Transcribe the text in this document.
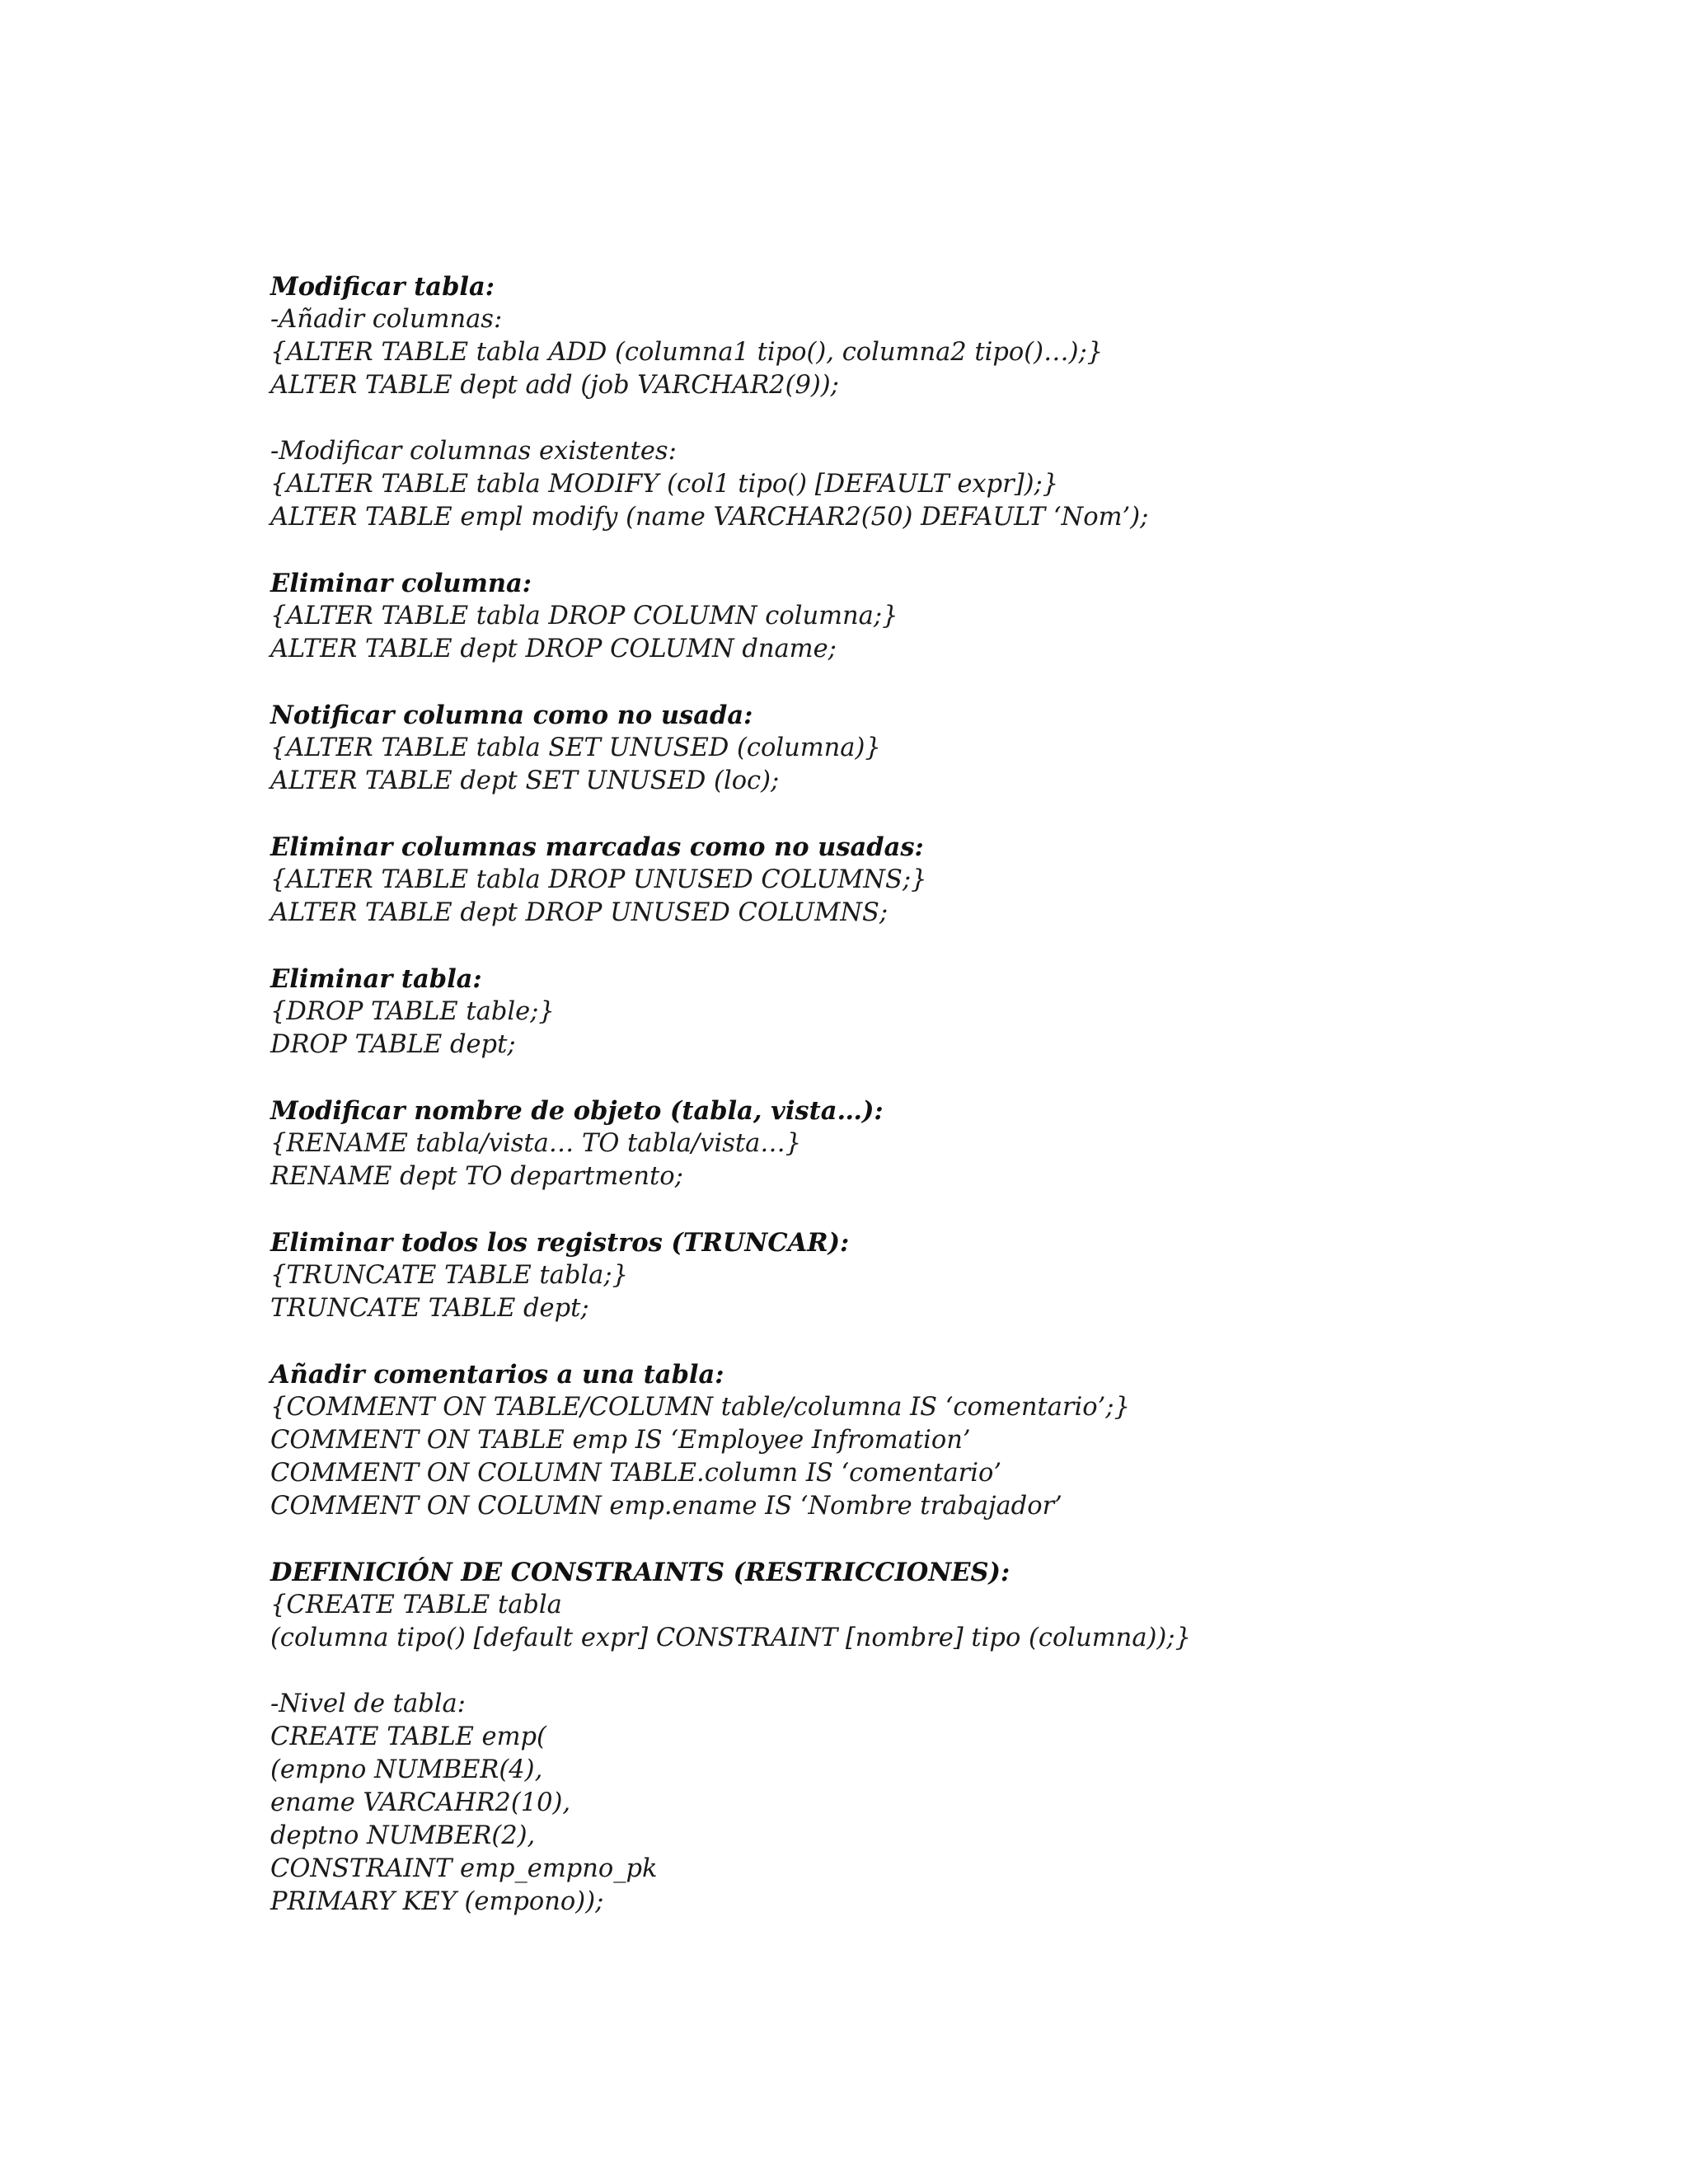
Modificar tabla:
-Añadir columnas:
{ALTER TABLE tabla ADD (columna1 tipo(), columna2 tipo()…);}
ALTER TABLE dept add (job VARCHAR2(9));
-Modificar columnas existentes:
{ALTER TABLE tabla MODIFY (col1 tipo() [DEFAULT expr]);}
ALTER TABLE empl modify (name VARCHAR2(50) DEFAULT ‘Nom’);
Eliminar columna:
{ALTER TABLE tabla DROP COLUMN columna;}
ALTER TABLE dept DROP COLUMN dname;
Notificar columna como no usada:
{ALTER TABLE tabla SET UNUSED (columna)}
ALTER TABLE dept SET UNUSED (loc);
Eliminar columnas marcadas como no usadas:
{ALTER TABLE tabla DROP UNUSED COLUMNS;}
ALTER TABLE dept DROP UNUSED COLUMNS;
Eliminar tabla:
{DROP TABLE table;}
DROP TABLE dept;
Modificar nombre de objeto (tabla, vista…):
{RENAME tabla/vista… TO tabla/vista…}
RENAME dept TO departmento;
Eliminar todos los registros (TRUNCAR):
{TRUNCATE TABLE tabla;}
TRUNCATE TABLE dept;
Añadir comentarios a una tabla:
{COMMENT ON TABLE/COLUMN table/columna IS ‘comentario’;}
COMMENT ON TABLE emp IS ‘Employee Infromation’
COMMENT ON COLUMN TABLE.column IS ‘comentario’
COMMENT ON COLUMN emp.ename IS ‘Nombre trabajador’
DEFINICIÓN DE CONSTRAINTS (RESTRICCIONES):
{CREATE TABLE tabla
(columna tipo() [default expr] CONSTRAINT [nombre] tipo (columna));}
-Nivel de tabla:
CREATE TABLE emp(
(empno NUMBER(4),
ename VARCAHR2(10),
deptno NUMBER(2),
CONSTRAINT emp_empno_pk
PRIMARY KEY (empono));
